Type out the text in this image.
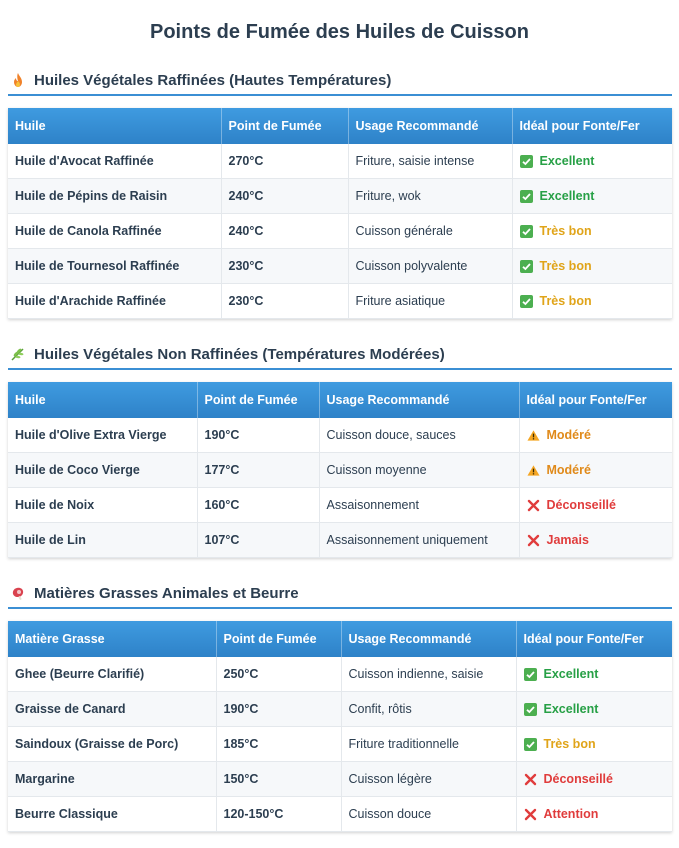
Points de Fumée des Huiles de Cuisson
Huiles Végétales Raffinées (Hautes Températures)
Huile	Point de Fumée	Usage Recommandé	Idéal pour Fonte/Fer
Huile d'Avocat Raffinée	270°C	Friture, saisie intense	Excellent

Huile de Pépins de Raisin	240°C	Friture, wok	Excellent

Huile de Canola Raffinée	240°C	Cuisson générale	Très bon

Huile de Tournesol Raffinée	230°C	Cuisson polyvalente	Très bon

Huile d'Arachide Raffinée	230°C	Friture asiatique	Très bon
Huiles Végétales Non Raffinées (Températures Modérées)
Huile	Point de Fumée	Usage Recommandé	Idéal pour Fonte/Fer
Huile d'Olive Extra Vierge	190°C	Cuisson douce, sauces	Modéré

Huile de Coco Vierge	177°C	Cuisson moyenne	Modéré

Huile de Noix	160°C	Assaisonnement	Déconseillé

Huile de Lin	107°C	Assaisonnement uniquement	Jamais
Matières Grasses Animales et Beurre
Matière Grasse	Point de Fumée	Usage Recommandé	Idéal pour Fonte/Fer
Ghee (Beurre Clarifié)	250°C	Cuisson indienne, saisie	Excellent

Graisse de Canard	190°C	Confit, rôtis	Excellent

Saindoux (Graisse de Porc)	185°C	Friture traditionnelle	Très bon

Margarine	150°C	Cuisson légère	Déconseillé

Beurre Classique	120-150°C	Cuisson douce	Attention
